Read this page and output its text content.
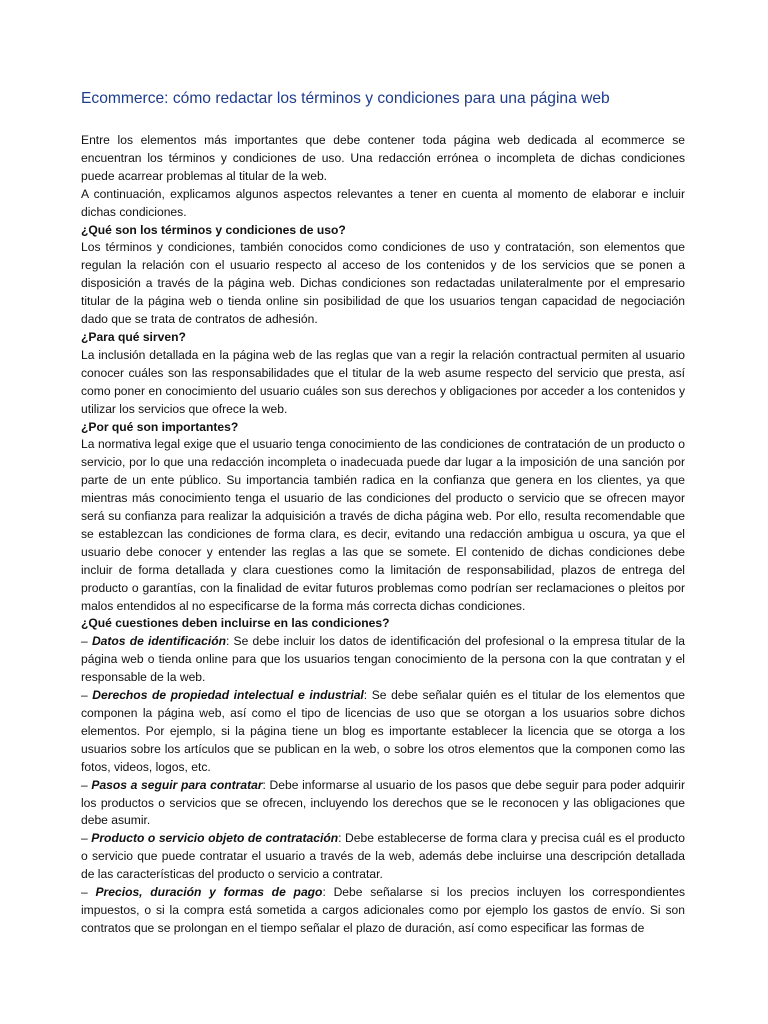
Ecommerce: cómo redactar los términos y condiciones para una página web

Entre los elementos más importantes que debe contener toda página web dedicada al ecommerce se encuentran los términos y condiciones de uso. Una redacción errónea o incompleta de dichas condiciones puede acarrear problemas al titular de la web.

A continuación, explicamos algunos aspectos relevantes a tener en cuenta al momento de elaborar e incluir dichas condiciones.

¿Qué son los términos y condiciones de uso?

Los términos y condiciones, también conocidos como condiciones de uso y contratación, son elementos que regulan la relación con el usuario respecto al acceso de los contenidos y de los servicios que se ponen a disposición a través de la página web. Dichas condiciones son redactadas unilateralmente por el empresario titular de la página web o tienda online sin posibilidad de que los usuarios tengan capacidad de negociación dado que se trata de contratos de adhesión.

¿Para qué sirven?

La inclusión detallada en la página web de las reglas que van a regir la relación contractual permiten al usuario conocer cuáles son las responsabilidades que el titular de la web asume respecto del servicio que presta, así como poner en conocimiento del usuario cuáles son sus derechos y obligaciones por acceder a los contenidos y utilizar los servicios que ofrece la web.

¿Por qué son importantes?

La normativa legal exige que el usuario tenga conocimiento de las condiciones de contratación de un producto o servicio, por lo que una redacción incompleta o inadecuada puede dar lugar a la imposición de una sanción por parte de un ente público. Su importancia también radica en la confianza que genera en los clientes, ya que mientras más conocimiento tenga el usuario de las condiciones del producto o servicio que se ofrecen mayor será su confianza para realizar la adquisición a través de dicha página web. Por ello, resulta recomendable que se establezcan las condiciones de forma clara, es decir, evitando una redacción ambigua u oscura, ya que el usuario debe conocer y entender las reglas a las que se somete. El contenido de dichas condiciones debe incluir de forma detallada y clara cuestiones como la limitación de responsabilidad, plazos de entrega del producto o garantías, con la finalidad de evitar futuros problemas como podrían ser reclamaciones o pleitos por malos entendidos al no especificarse de la forma más correcta dichas condiciones.

¿Qué cuestiones deben incluirse en las condiciones?

– Datos de identificación: Se debe incluir los datos de identificación del profesional o la empresa titular de la página web o tienda online para que los usuarios tengan conocimiento de la persona con la que contratan y el responsable de la web.

– Derechos de propiedad intelectual e industrial: Se debe señalar quién es el titular de los elementos que componen la página web, así como el tipo de licencias de uso que se otorgan a los usuarios sobre dichos elementos. Por ejemplo, si la página tiene un blog es importante establecer la licencia que se otorga a los usuarios sobre los artículos que se publican en la web, o sobre los otros elementos que la componen como las fotos, videos, logos, etc.

– Pasos a seguir para contratar: Debe informarse al usuario de los pasos que debe seguir para poder adquirir los productos o servicios que se ofrecen, incluyendo los derechos que se le reconocen y las obligaciones que debe asumir.

– Producto o servicio objeto de contratación: Debe establecerse de forma clara y precisa cuál es el producto o servicio que puede contratar el usuario a través de la web, además debe incluirse una descripción detallada de las características del producto o servicio a contratar.

– Precios, duración y formas de pago: Debe señalarse si los precios incluyen los correspondientes impuestos, o si la compra está sometida a cargos adicionales como por ejemplo los gastos de envío. Si son contratos que se prolongan en el tiempo señalar el plazo de duración, así como especificar las formas de
